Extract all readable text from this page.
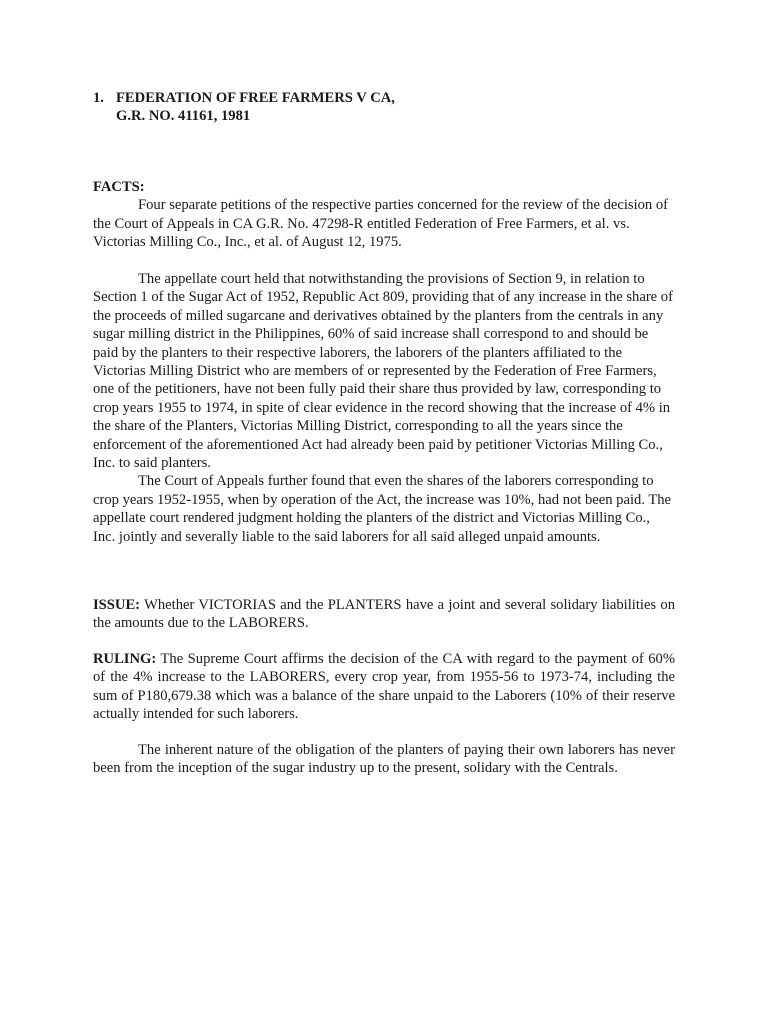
1. FEDERATION OF FREE FARMERS V CA,
G.R. NO. 41161, 1981
FACTS:

Four separate petitions of the respective parties concerned for the review of the decision of the Court of Appeals in CA G.R. No. 47298-R entitled Federation of Free Farmers, et al. vs. Victorias Milling Co., Inc., et al. of August 12, 1975.

The appellate court held that notwithstanding the provisions of Section 9, in relation to Section 1 of the Sugar Act of 1952, Republic Act 809, providing that of any increase in the share of the proceeds of milled sugarcane and derivatives obtained by the planters from the centrals in any sugar milling district in the Philippines, 60% of said increase shall correspond to and should be paid by the planters to their respective laborers, the laborers of the planters affiliated to the Victorias Milling District who are members of or represented by the Federation of Free Farmers, one of the petitioners, have not been fully paid their share thus provided by law, corresponding to crop years 1955 to 1974, in spite of clear evidence in the record showing that the increase of 4% in the share of the Planters, Victorias Milling District, corresponding to all the years since the enforcement of the aforementioned Act had already been paid by petitioner Victorias Milling Co., Inc. to said planters.

The Court of Appeals further found that even the shares of the laborers corresponding to crop years 1952-1955, when by operation of the Act, the increase was 10%, had not been paid. The appellate court rendered judgment holding the planters of the district and Victorias Milling Co., Inc. jointly and severally liable to the said laborers for all said alleged unpaid amounts.

ISSUE: Whether VICTORIAS and the PLANTERS have a joint and several solidary liabilities on the amounts due to the LABORERS.

RULING: The Supreme Court affirms the decision of the CA with regard to the payment of 60% of the 4% increase to the LABORERS, every crop year, from 1955-56 to 1973-74, including the sum of P180,679.38 which was a balance of the share unpaid to the Laborers (10% of their reserve actually intended for such laborers.

The inherent nature of the obligation of the planters of paying their own laborers has never been from the inception of the sugar industry up to the present, solidary with the Centrals.
